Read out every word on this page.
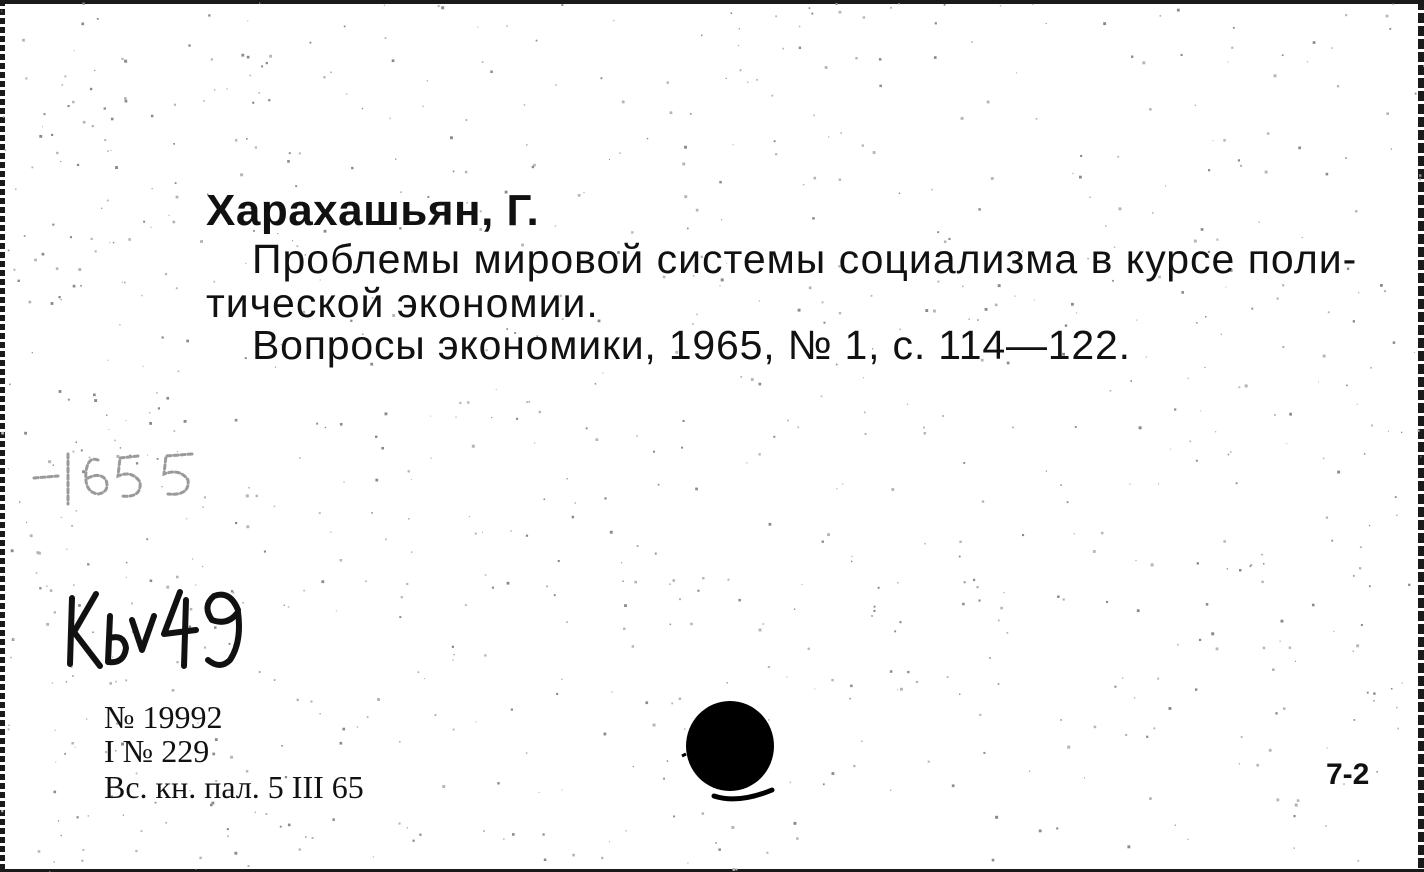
Харахашьян, Г.
Проблемы мировой системы социализма в курсе поли-
тической экономии.
Вопросы экономики, 1965, № 1, с. 114—122.
№ 19992
I № 229
Вс. кн. пал. 5 III 65	7-2
